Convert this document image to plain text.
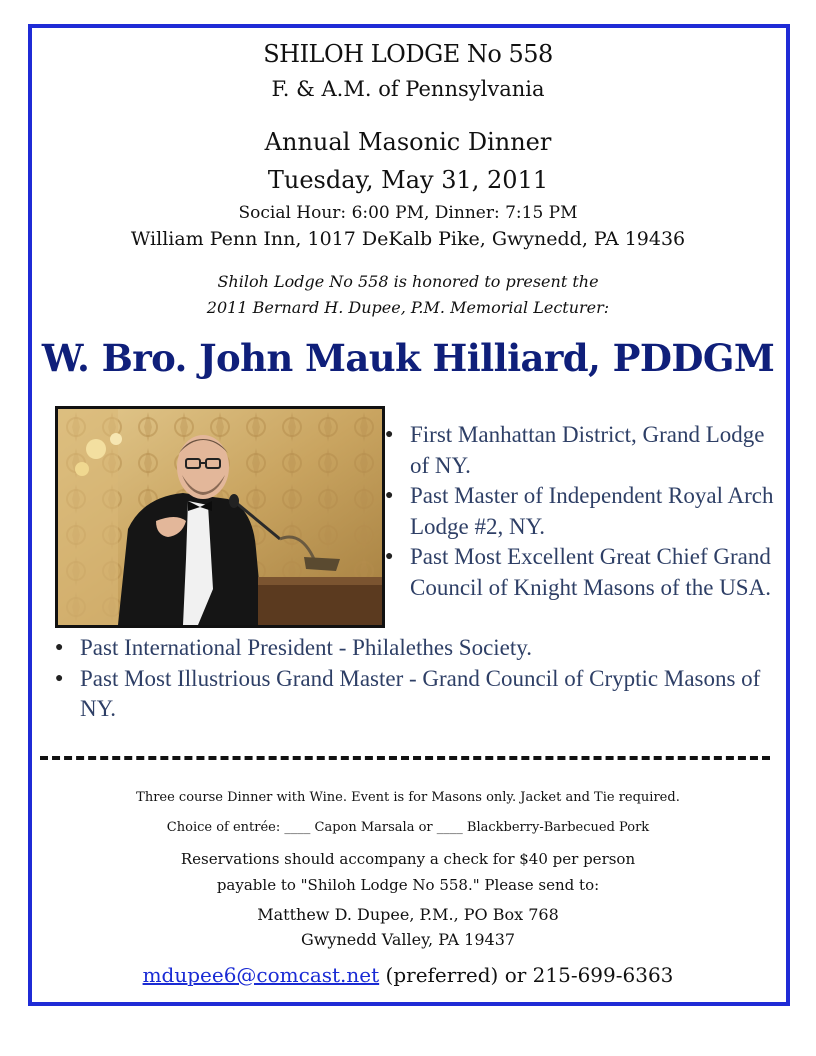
SHILOH LODGE No 558
F. & A.M. of Pennsylvania
Annual Masonic Dinner
Tuesday, May 31, 2011
Social Hour: 6:00 PM, Dinner: 7:15 PM
William Penn Inn, 1017 DeKalb Pike, Gwynedd, PA 19436
Shiloh Lodge No 558 is honored to present the
2011 Bernard H. Dupee, P.M. Memorial Lecturer:
W. Bro. John Mauk Hilliard, PDDGM
● First Manhattan District, Grand Lodge of NY.
● Past Master of Independent Royal Arch Lodge #2, NY.
● Past Most Excellent Great Chief Grand Council of Knight Masons of the USA.
● Past International President - Philalethes Society.
● Past Most Illustrious Grand Master - Grand Council of Cryptic Masons of NY.
Three course Dinner with Wine. Event is for Masons only. Jacket and Tie required.
Choice of entrée: ____ Capon Marsala or ____ Blackberry-Barbecued Pork
Reservations should accompany a check for $40 per person
payable to "Shiloh Lodge No 558." Please send to:
Matthew D. Dupee, P.M., PO Box 768
Gwynedd Valley, PA 19437
mdupee6@comcast.net (preferred) or 215-699-6363
